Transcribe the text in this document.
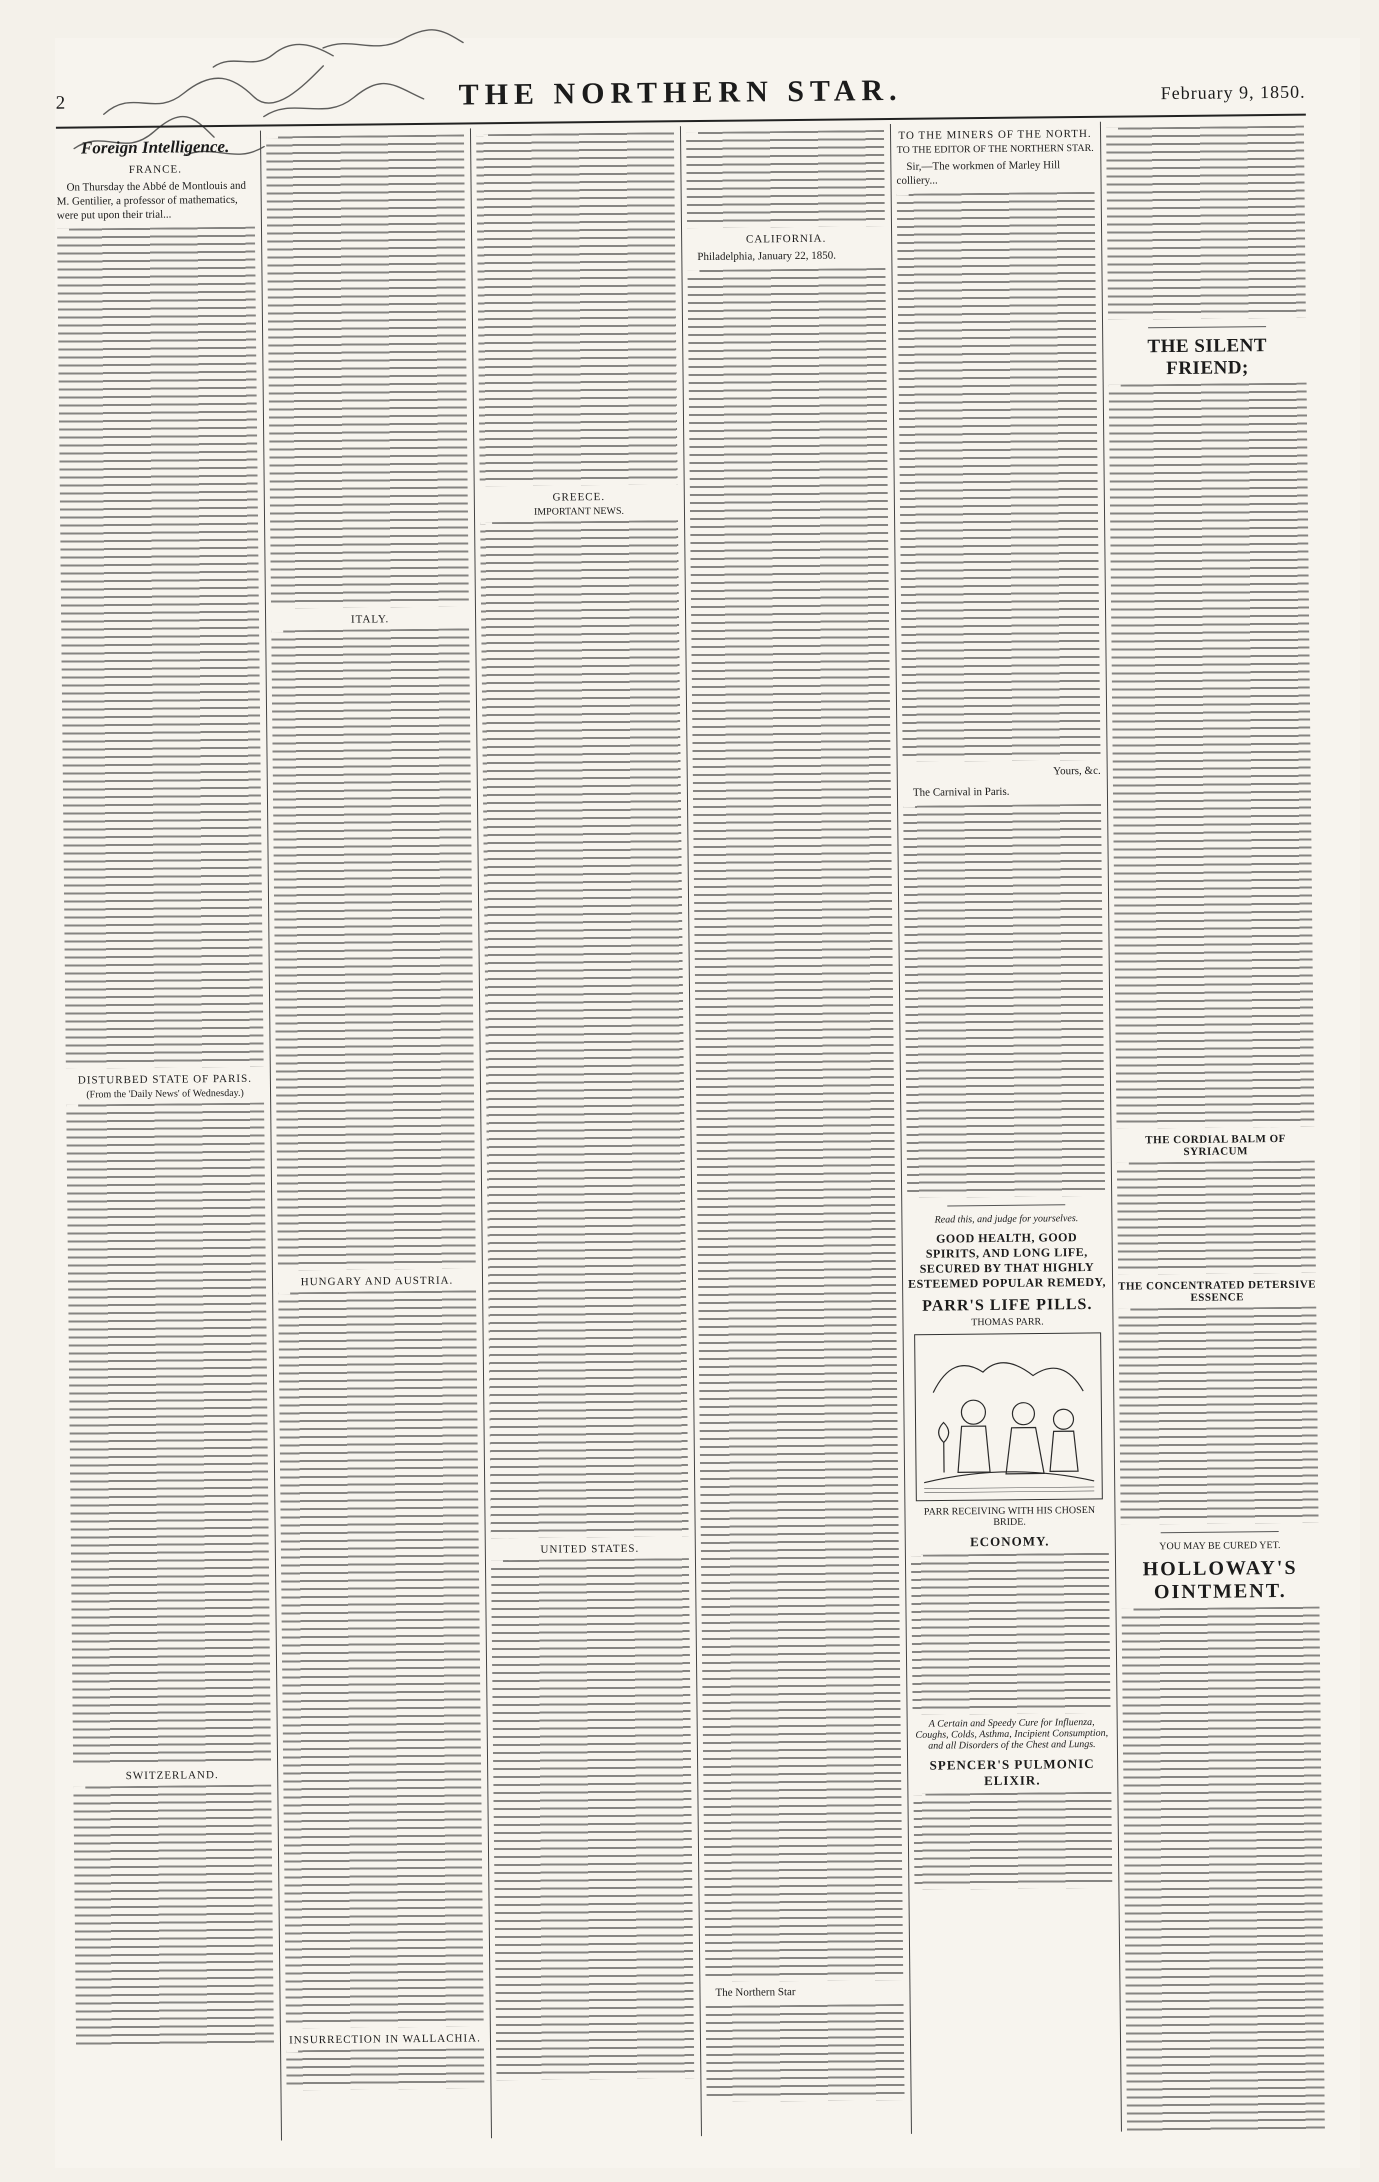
2	THE NORTHERN STAR.	February 9, 1850.
Foreign Intelligence.
FRANCE.
On Thursday the Abbé de Montlouis and M. Gentilier, a professor of mathematics, were put upon their trial...
DISTURBED STATE OF PARIS.
(From the 'Daily News' of Wednesday.)
SWITZERLAND.
ITALY.
HUNGARY AND AUSTRIA.
INSURRECTION IN WALLACHIA.
GREECE.
IMPORTANT NEWS.
UNITED STATES.
CALIFORNIA.
Philadelphia, January 22, 1850.
The Northern Star
TO THE MINERS OF THE NORTH.
TO THE EDITOR OF THE NORTHERN STAR.
Sir,—The workmen of Marley Hill colliery...
Yours, &c.
The Carnival in Paris.
Read this, and judge for yourselves.
GOOD HEALTH, GOOD SPIRITS, AND LONG LIFE, SECURED BY THAT HIGHLY ESTEEMED POPULAR REMEDY,
PARR'S LIFE PILLS.
THOMAS PARR.
PARR RECEIVING WITH HIS CHOSEN BRIDE.
ECONOMY.
A Certain and Speedy Cure for Influenza, Coughs, Colds, Asthma, Incipient Consumption, and all Disorders of the Chest and Lungs.
SPENCER'S PULMONIC ELIXIR.
THE SILENT FRIEND;
THE CORDIAL BALM OF SYRIACUM
THE CONCENTRATED DETERSIVE ESSENCE
YOU MAY BE CURED YET.
HOLLOWAY'S OINTMENT.
